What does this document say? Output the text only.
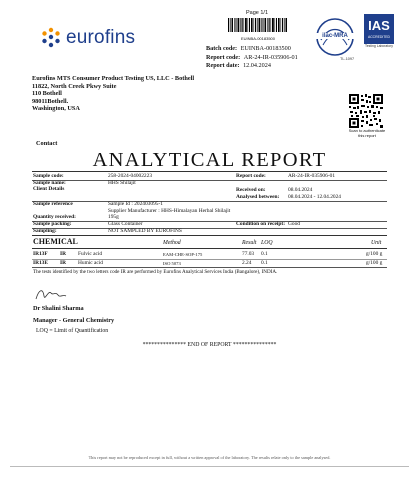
eurofins
Page 1/1
EUINBA-00183500
Batch code: EUINBA-00183500
Report code: AR-24-IR-035906-01
Report date: 12.04.2024
ilac-MRA
IAS
ACCREDITED
Testing Laboratory
TL-1097
Eurofins MTS Consumer Product Testing US, LLC - Bothell
11822, North Creek Pkwy Suite
110 Bothell
98011Bothell.
Washington, USA
Contact
Scan to authenticate
this report
ANALYTICAL REPORT
Sample code:	258-2024-04002223	Report code:	AR-24-IR-035906-01
Sample name:	HHS Shilajit
Client Details	Received on:	08.04.2024
Analysed between: 08.04.2024 - 12.04.2024
Sample reference	Sample Id : 202403095-1
Supplier Manufacturer : HHS-Himalayan Herbal Shilajit
Quantity received:	195g
Sample packing:	Glass Container	Condition on receipt: Good
Sampling:	NOT SAMPLED BY EUROFINS
CHEMICAL	Method	Result LOQ	Unit
IR13F IR Fulvic acid	EAM-CHE-SOP-175	77.03 0.1	g/100 g
IR13E IR Humic acid	ISO 5073	2.24 0.1	g/100 g
The tests identified by the two letters code IR are performed by Eurofins Analytical Services India (Bangalore), INDIA.
Dr Shalini Sharma
Manager - General Chemistry
LOQ = Limit of Quantification
*************** END OF REPORT ***************
This report may not be reproduced except in full, without a written approval of the laboratory. The results relate only to the sample analysed.
